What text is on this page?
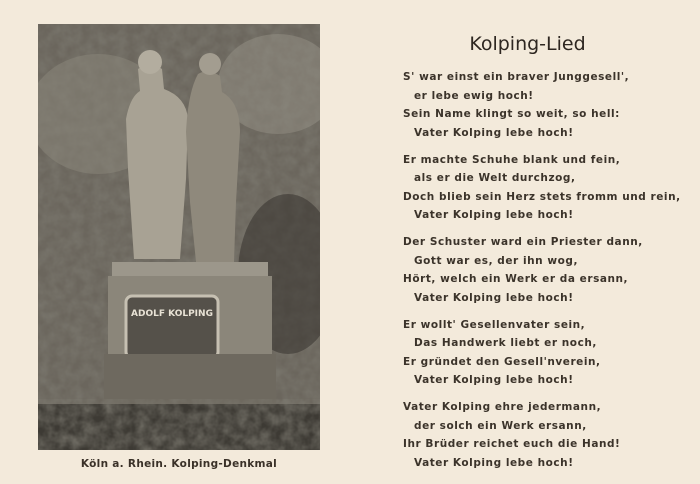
ADOLF KOLPING
Köln a. Rhein. Kolping-Denkmal
Kolping-Lied
S' war einst ein braver Junggesell',
er lebe ewig hoch!
Sein Name klingt so weit, so hell:
Vater Kolping lebe hoch!
Er machte Schuhe blank und fein,
als er die Welt durchzog,
Doch blieb sein Herz stets fromm und rein,
Vater Kolping lebe hoch!
Der Schuster ward ein Priester dann,
Gott war es, der ihn wog,
Hört, welch ein Werk er da ersann,
Vater Kolping lebe hoch!
Er wollt' Gesellenvater sein,
Das Handwerk liebt er noch,
Er gründet den Gesell'nverein,
Vater Kolping lebe hoch!
Vater Kolping ehre jedermann,
der solch ein Werk ersann,
Ihr Brüder reichet euch die Hand!
Vater Kolping lebe hoch!
